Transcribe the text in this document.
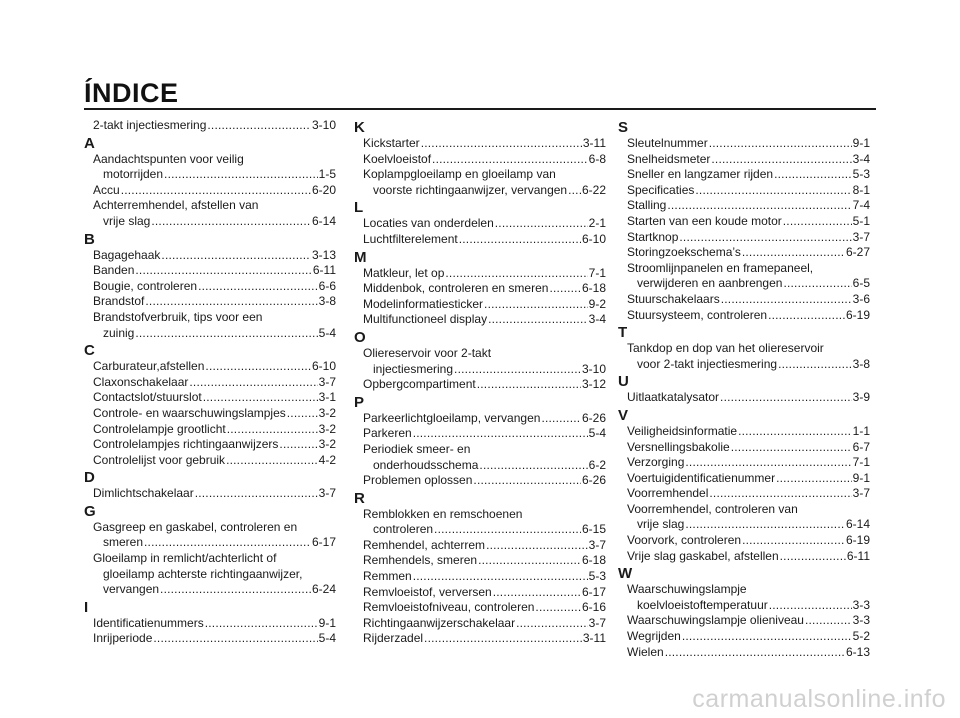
ÍNDICE
2-takt injectiesmering .....	3-10
A
Aandachtspunten voor veilig
motorrijden .....	1-5
Accu .....	6-20
Achterremhendel, afstellen van
vrije slag .....	6-14
B
Bagagehaak .....	3-13
Banden .....	6-11
Bougie, controleren .....	6-6
Brandstof .....	3-8
Brandstofverbruik, tips voor een
zuinig .....	5-4
C
Carburateur,afstellen .....	6-10
Claxonschakelaar .....	3-7
Contactslot/stuurslot .....	3-1
Controle- en waarschuwingslampjes .....	3-2
Controlelampje grootlicht .....	3-2
Controlelampjes richtingaanwijzers .....	3-2
Controlelijst voor gebruik .....	4-2
D
Dimlichtschakelaar .....	3-7
G
Gasgreep en gaskabel, controleren en
smeren .....	6-17
Gloeilamp in remlicht/achterlicht of
gloeilamp achterste richtingaanwijzer,
vervangen .....	6-24
I
Identificatienummers .....	9-1
Inrijperiode .....	5-4
K
Kickstarter .....	3-11
Koelvloeistof .....	6-8
Koplampgloeilamp en gloeilamp van
voorste richtingaanwijzer, vervangen ..... 6-22
L
Locaties van onderdelen .....	2-1
Luchtfilterelement .....	6-10
M
Matkleur, let op .....	7-1
Middenbok, controleren en smeren .....	6-18
Modelinformatiesticker .....	9-2
Multifunctioneel display .....	3-4
O
Oliereservoir voor 2-takt
injectiesmering .....	3-10
Opbergcompartiment .....	3-12
P
Parkeerlichtgloeilamp, vervangen .....	6-26
Parkeren .....	5-4
Periodiek smeer- en
onderhoudsschema .....	6-2
Problemen oplossen .....	6-26
R
Remblokken en remschoenen
controleren .....	6-15
Remhendel, achterrem .....	3-7
Remhendels, smeren .....	6-18
Remmen .....	5-3
Remvloeistof, verversen .....	6-17
Remvloeistofniveau, controleren .....	6-16
Richtingaanwijzerschakelaar .....	3-7
Rijderzadel .....	3-11
S
Sleutelnummer .....	9-1
Snelheidsmeter .....	3-4
Sneller en langzamer rijden .....	5-3
Specificaties .....	8-1
Stalling .....	7-4
Starten van een koude motor .....	5-1
Startknop .....	3-7
Storingzoekschema’s .....	6-27
Stroomlijnpanelen en framepaneel,
verwijderen en aanbrengen .....	6-5
Stuurschakelaars .....	3-6
Stuursysteem, controleren .....	6-19
T
Tankdop en dop van het oliereservoir
voor 2-takt injectiesmering .....	3-8
U
Uitlaatkatalysator .....	3-9
V
Veiligheidsinformatie .....	1-1
Versnellingsbakolie .....	6-7
Verzorging .....	7-1
Voertuigidentificatienummer .....	9-1
Voorremhendel .....	3-7
Voorremhendel, controleren van
vrije slag .....	6-14
Voorvork, controleren .....	6-19
Vrije slag gaskabel, afstellen .....	6-11
W
Waarschuwingslampje
koelvloeistoftemperatuur .....	3-3
Waarschuwingslampje olieniveau .....	3-3
Wegrijden .....	5-2
Wielen .....	6-13
carmanualsonline.info
